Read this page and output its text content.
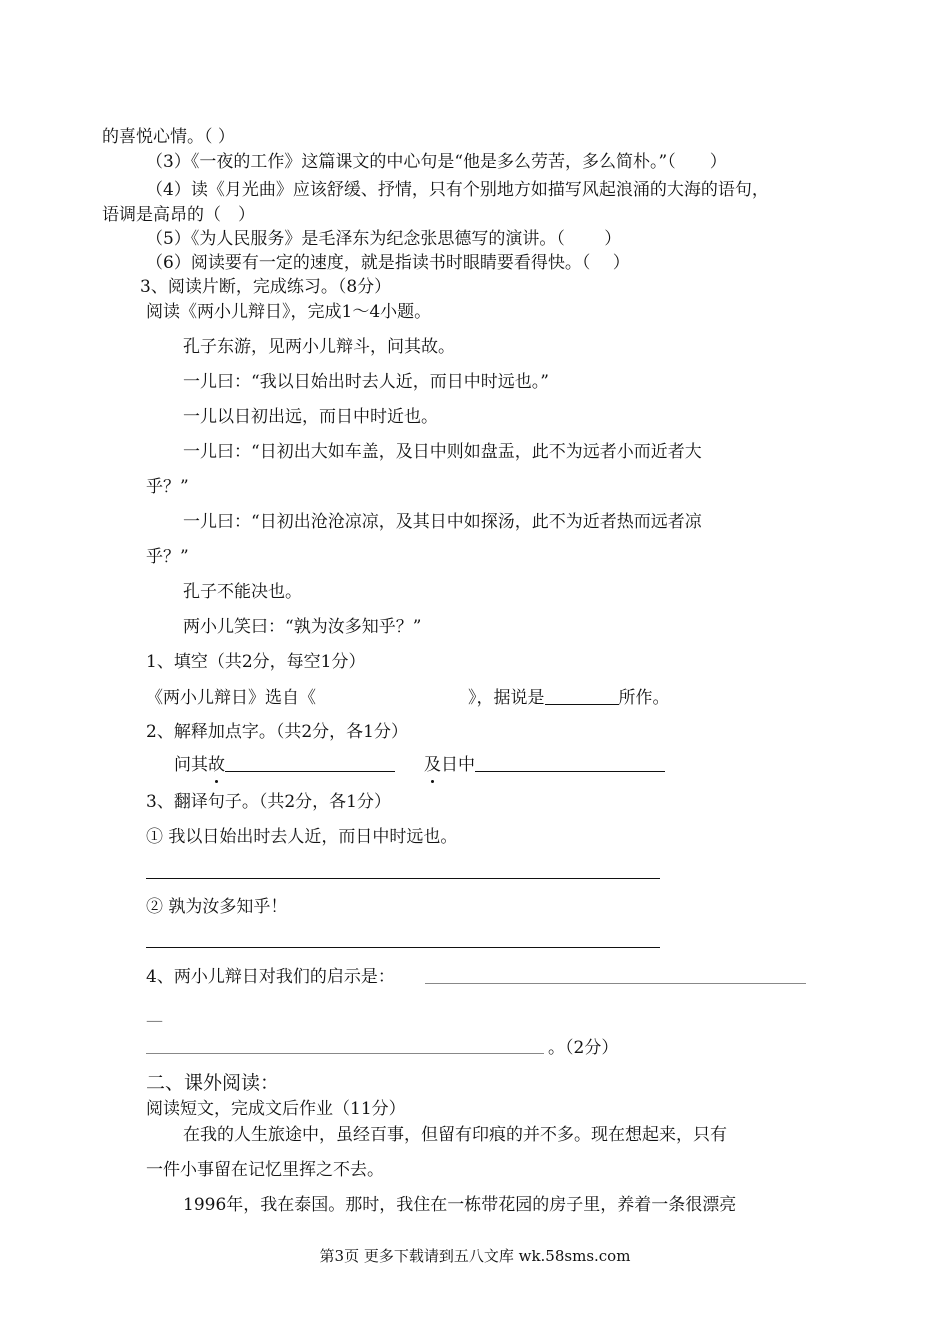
的喜悦心情。（ ）
（3）《一夜的工作》这篇课文的中心句是“他是多么劳苦，多么简朴。”（　　）
（4）读《月光曲》应该舒缓、抒情，只有个别地方如描写风起浪涌的大海的语句，
语调是高昂的（　）
（5）《为人民服务》是毛泽东为纪念张思德写的演讲。（　　 ）
（6）阅读要有一定的速度，就是指读书时眼睛要看得快。（　 ）
3、阅读片断，完成练习。（8分）
阅读《两小儿辩日》，完成1～4小题。
孔子东游，见两小儿辩斗，问其故。
一儿曰：“我以日始出时去人近，而日中时远也。”
一儿以日初出远，而日中时近也。
一儿曰：“日初出大如车盖，及日中则如盘盂，此不为远者小而近者大
乎？”
一儿曰：“日初出沧沧凉凉，及其日中如探汤，此不为近者热而远者凉
乎？”
孔子不能决也。
两小儿笑曰：“孰为汝多知乎？”
1、填空（共2分，每空1分）
《两小儿辩日》选自《	》，据说是	所作。
2、解释加点字。（共2分，各1分）
问其故	及日中
3、翻译句子。（共2分，各1分）
① 我以日始出时去人近，而日中时远也。
② 孰为汝多知乎！
4、两小儿辩日对我们的启示是：
—
。（2分）
二、课外阅读：
阅读短文，完成文后作业（11分）
在我的人生旅途中，虽经百事，但留有印痕的并不多。现在想起来，只有
一件小事留在记忆里挥之不去。
1996年，我在泰国。那时，我住在一栋带花园的房子里，养着一条很漂亮
第3页 更多下载请到五八文库 wk.58sms.com
